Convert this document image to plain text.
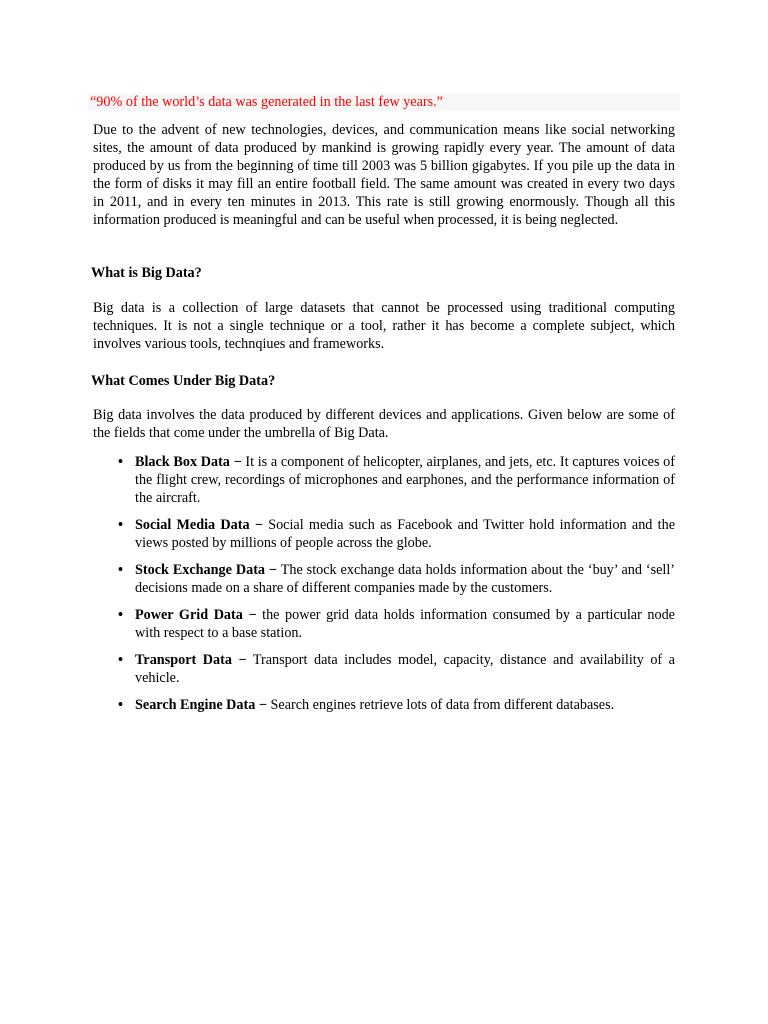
“90% of the world’s data was generated in the last few years.”

Due to the advent of new technologies, devices, and communication means like social networking sites, the amount of data produced by mankind is growing rapidly every year. The amount of data produced by us from the beginning of time till 2003 was 5 billion gigabytes. If you pile up the data in the form of disks it may fill an entire football field. The same amount was created in every two days in 2011, and in every ten minutes in 2013. This rate is still growing enormously. Though all this information produced is meaningful and can be useful when processed, it is being neglected.

What is Big Data?

Big data is a collection of large datasets that cannot be processed using traditional computing techniques. It is not a single technique or a tool, rather it has become a complete subject, which involves various tools, technqiues and frameworks.

What Comes Under Big Data?

Big data involves the data produced by different devices and applications. Given below are some of the fields that come under the umbrella of Big Data.

• Black Box Data − It is a component of helicopter, airplanes, and jets, etc. It captures voices of the flight crew, recordings of microphones and earphones, and the performance information of the aircraft.
• Social Media Data − Social media such as Facebook and Twitter hold information and the views posted by millions of people across the globe.
• Stock Exchange Data − The stock exchange data holds information about the ‘buy’ and ‘sell’ decisions made on a share of different companies made by the customers.
• Power Grid Data − the power grid data holds information consumed by a particular node with respect to a base station.
• Transport Data − Transport data includes model, capacity, distance and availability of a vehicle.
• Search Engine Data − Search engines retrieve lots of data from different databases.
